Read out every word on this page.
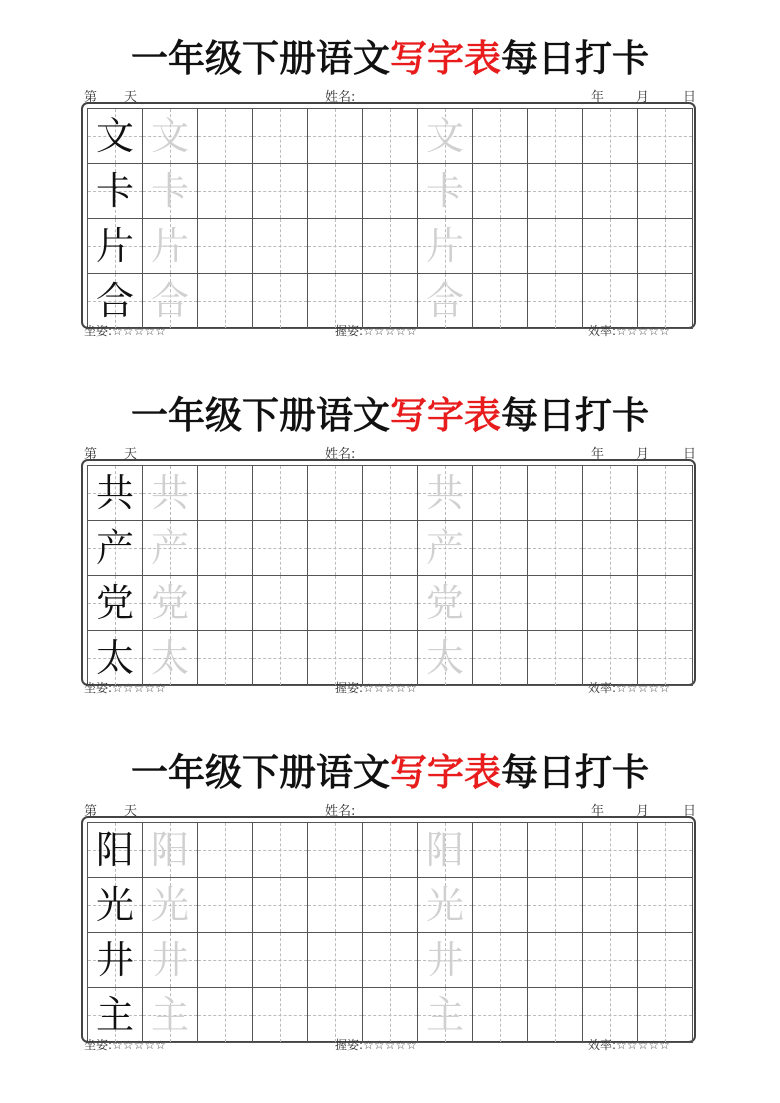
一年级下册语文写字表每日打卡
第 天	姓名:	年 月	日
文 文	文
卡 卡	卡
片 片	片
合 合	合
坐姿:☆☆☆☆☆	握姿:☆☆☆☆☆	效率:☆☆☆☆☆
一年级下册语文写字表每日打卡
第 天	姓名:	年 月	日
共 共	共
产 产	产
党 党	党
太 太	太
坐姿:☆☆☆☆☆	握姿:☆☆☆☆☆	效率:☆☆☆☆☆
一年级下册语文写字表每日打卡
第 天	姓名:	年 月	日
阳 阳	阳
光 光	光
井 井	井
主 主	主
坐姿:☆☆☆☆☆	握姿:☆☆☆☆☆	效率:☆☆☆☆☆
